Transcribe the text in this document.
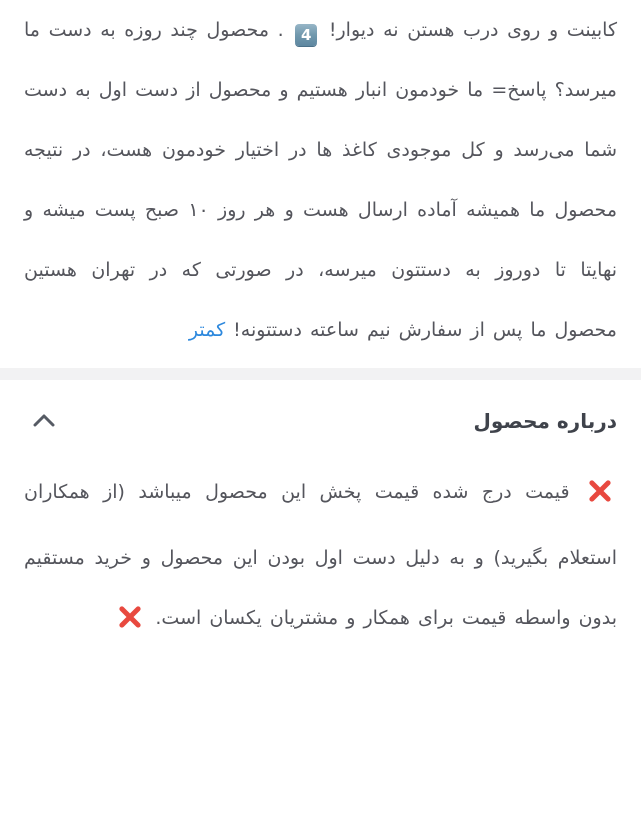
کابینت و روی درب هستن نه دیوار! 4 . محصول چند روزه به دست ما میرسد؟ پاسخ= ما خودمون انبار هستیم و محصول از دست اول به دست شما می‌رسد و کل موجودی کاغذ ها در اختیار خودمون هست، در نتیجه محصول ما همیشه آماده ارسال هست و هر روز ۱۰ صبح پست میشه و نهایتا تا دوروز به دستتون میرسه، در صورتی که در تهران هستین محصول ما پس از سفارش نیم ساعته دستتونه! کمتر

درباره محصول

قیمت درج شده قیمت پخش این محصول میباشد (از همکاران استعلام بگیرید) و به دلیل دست اول بودن این محصول و خرید مستقیم بدون واسطه قیمت برای همکار و مشتریان یکسان است.
